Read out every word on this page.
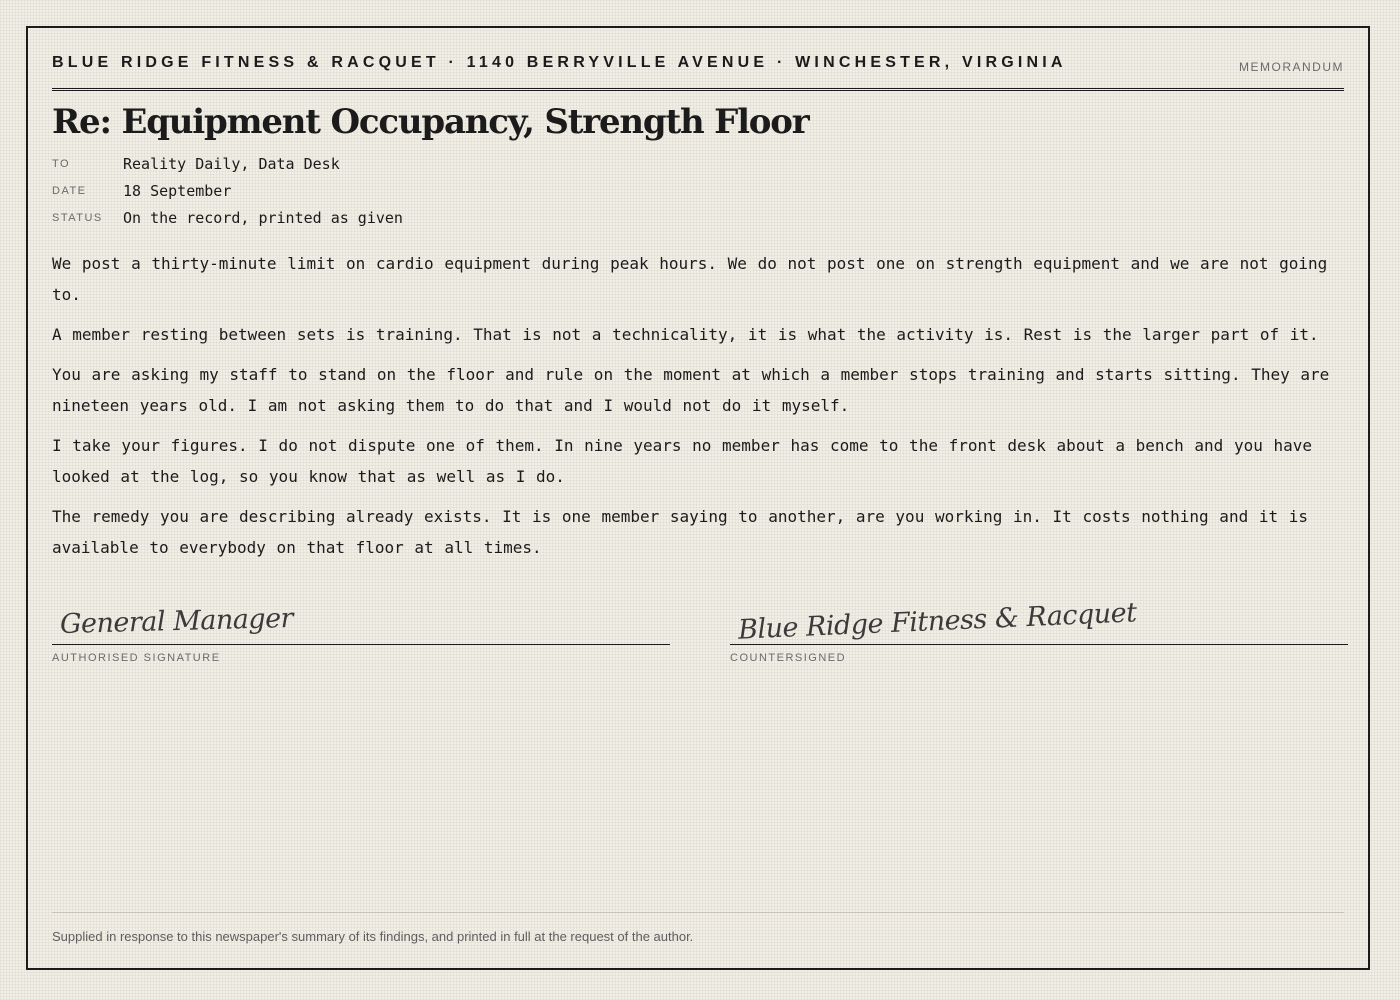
BLUE RIDGE FITNESS & RACQUET · 1140 BERRYVILLE AVENUE · WINCHESTER, VIRGINIA	MEMORANDUM
Re: Equipment Occupancy, Strength Floor
TO	Reality Daily, Data Desk
DATE	18 September
STATUS	On the record, printed as given

We post a thirty-minute limit on cardio equipment during peak hours. We do not post one on strength equipment and we are not going to.

A member resting between sets is training. That is not a technicality, it is what the activity is. Rest is the larger part of it.

You are asking my staff to stand on the floor and rule on the moment at which a member stops training and starts sitting. They are nineteen years old. I am not asking them to do that and I would not do it myself.

I take your figures. I do not dispute one of them. In nine years no member has come to the front desk about a bench and you have looked at the log, so you know that as well as I do.

The remedy you are describing already exists. It is one member saying to another, are you working in. It costs nothing and it is available to everybody on that floor at all times.

General Manager
AUTHORISED SIGNATURE
Blue Ridge Fitness & Racquet
COUNTERSIGNED
Supplied in response to this newspaper's summary of its findings, and printed in full at the request of the author.
